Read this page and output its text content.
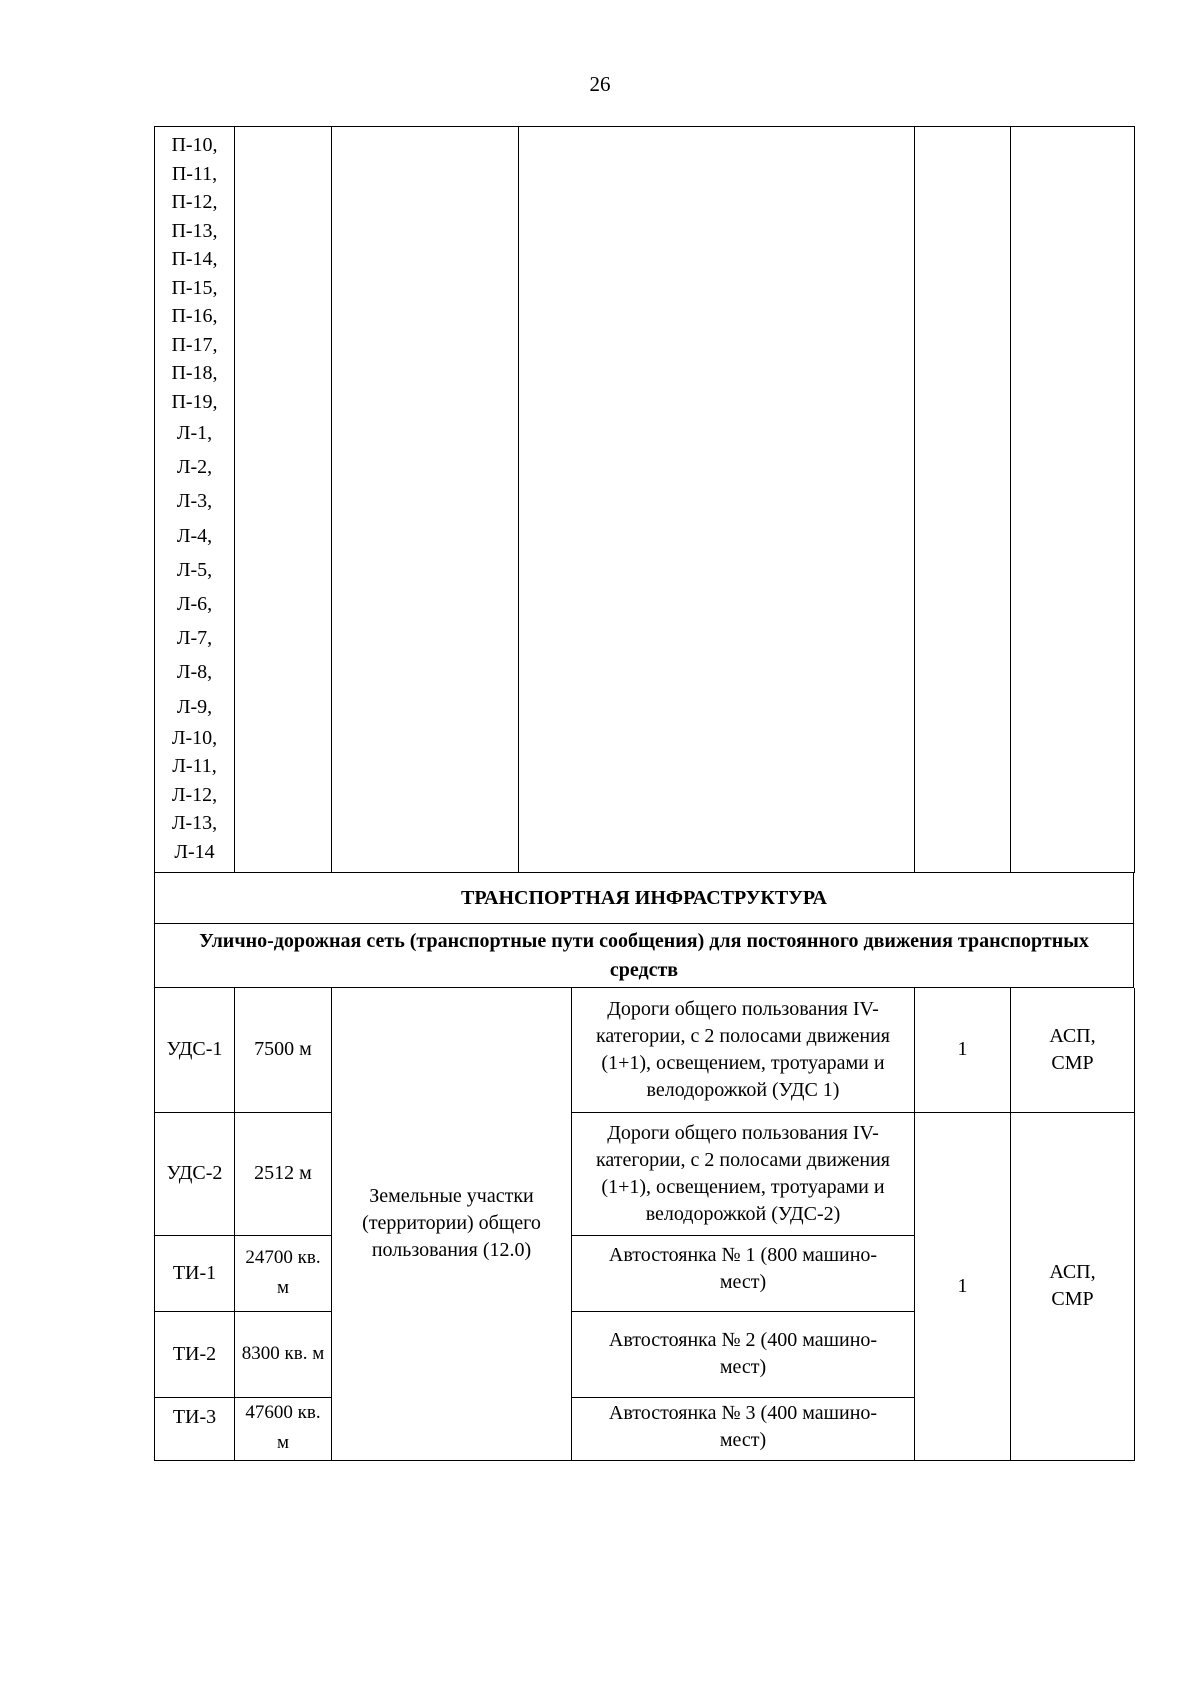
26
П-10,
П-11,
П-12,
П-13,
П-14,
П-15,
П-16,
П-17,
П-18,
П-19,
Л-1,
Л-2,
Л-3,
Л-4,
Л-5,
Л-6,
Л-7,
Л-8,
Л-9,
Л-10,
Л-11,
Л-12,
Л-13,
Л-14

ТРАНСПОРТНАЯ ИНФРАСТРУКТУРА
Улично-дорожная сеть (транспортные пути сообщения) для постоянного движения транспортных средств
УДС-1	7500 м	Земельные участки (территории) общего пользования (12.0)	Дороги общего пользования IV-категории, с 2 полосами движения (1+1), освещением, тротуарами и велодорожкой (УДС 1)	1	АСП, СМР
УДС-2	2512 м		Дороги общего пользования IV-категории, с 2 полосами движения (1+1), освещением, тротуарами и велодорожкой (УДС-2)	1	АСП, СМР
ТИ-1	24700 кв. м		Автостоянка № 1 (800 машино-мест)		
ТИ-2	8300 кв. м		Автостоянка № 2 (400 машино-мест)		
ТИ-3	47600 кв. м		Автостоянка № 3 (400 машино-мест)		
